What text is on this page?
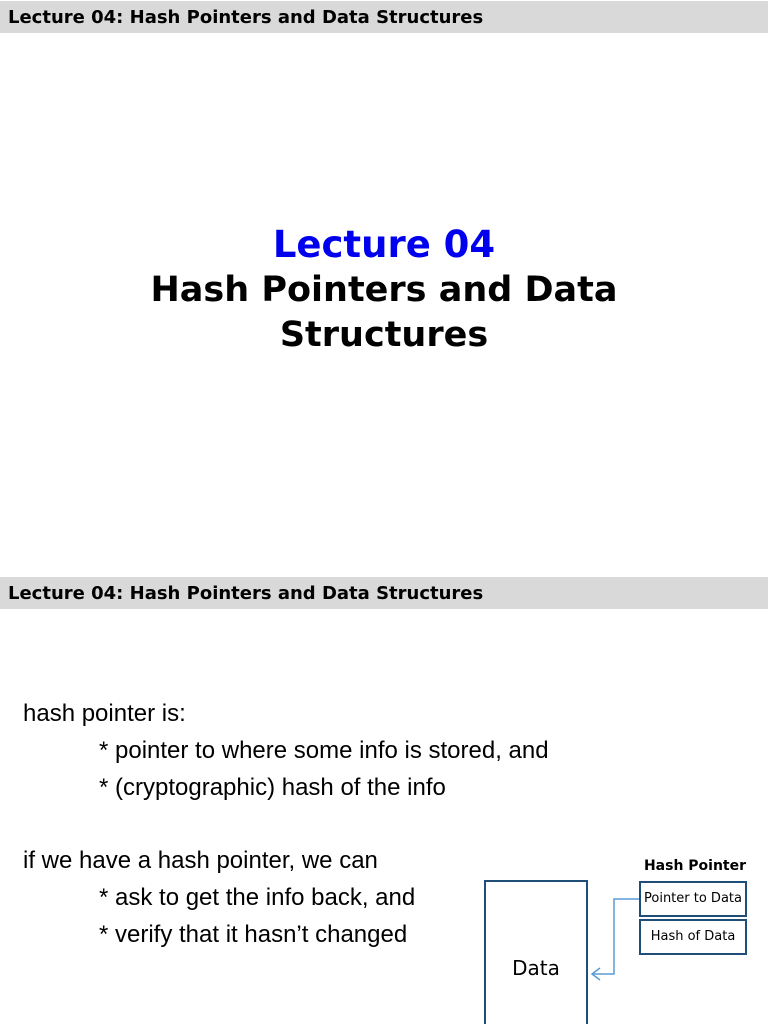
Lecture 04: Hash Pointers and Data Structures
Lecture 04
Hash Pointers and Data Structures
Lecture 04: Hash Pointers and Data Structures
hash pointer is:
* pointer to where some info is stored, and
* (cryptographic) hash of the info
if we have a hash pointer, we can
* ask to get the info back, and
* verify that it hasn’t changed
Hash Pointer
Data
Pointer to Data
Hash of Data
